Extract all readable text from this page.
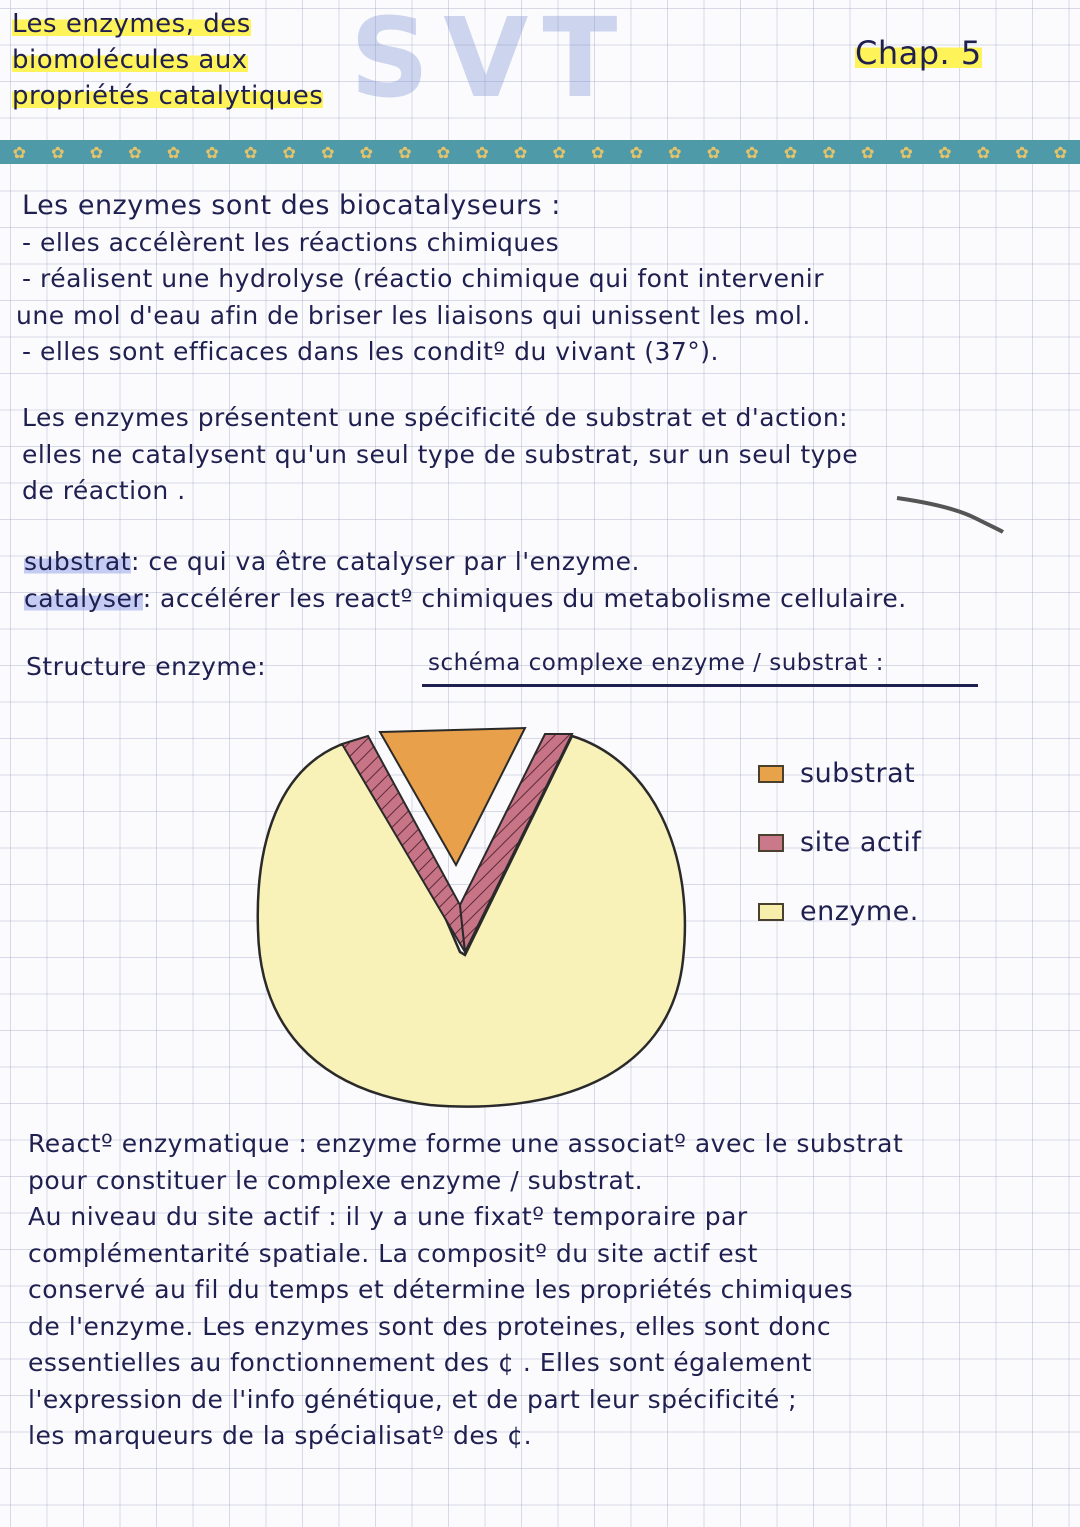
Les enzymes, des
biomolécules aux
propriétés catalytiques SVT	Chap. 5
✿ ✿ ✿ ✿ ✿ ✿ ✿ ✿ ✿ ✿ ✿ ✿ ✿ ✿ ✿ ✿ ✿ ✿ ✿ ✿ ✿ ✿ ✿ ✿ ✿ ✿ ✿ ✿
Les enzymes sont des biocatalyseurs :
- elles accélèrent les réactions chimiques
- réalisent une hydrolyse (réactio chimique qui font intervenir
une mol d'eau afin de briser les liaisons qui unissent les mol.
- elles sont efficaces dans les conditº du vivant (37°).
Les enzymes présentent une spécificité de substrat et d'action:
elles ne catalysent qu'un seul type de substrat, sur un seul type
de réaction .
substrat: ce qui va être catalyser par l'enzyme.
catalyser: accélérer les reactº chimiques du metabolisme cellulaire.
Structure enzyme:	schéma complexe enzyme / substrat :
substrat
site actif
enzyme.
Reactº enzymatique : enzyme forme une associatº avec le substrat
pour constituer le complexe enzyme / substrat.
Au niveau du site actif : il y a une fixatº temporaire par
complémentarité spatiale. La compositº du site actif est
conservé au fil du temps et détermine les propriétés chimiques
de l'enzyme. Les enzymes sont des proteines, elles sont donc
essentielles au fonctionnement des ¢ . Elles sont également
l'expression de l'info génétique, et de part leur spécificité ;
les marqueurs de la spécialisatº des ¢.
